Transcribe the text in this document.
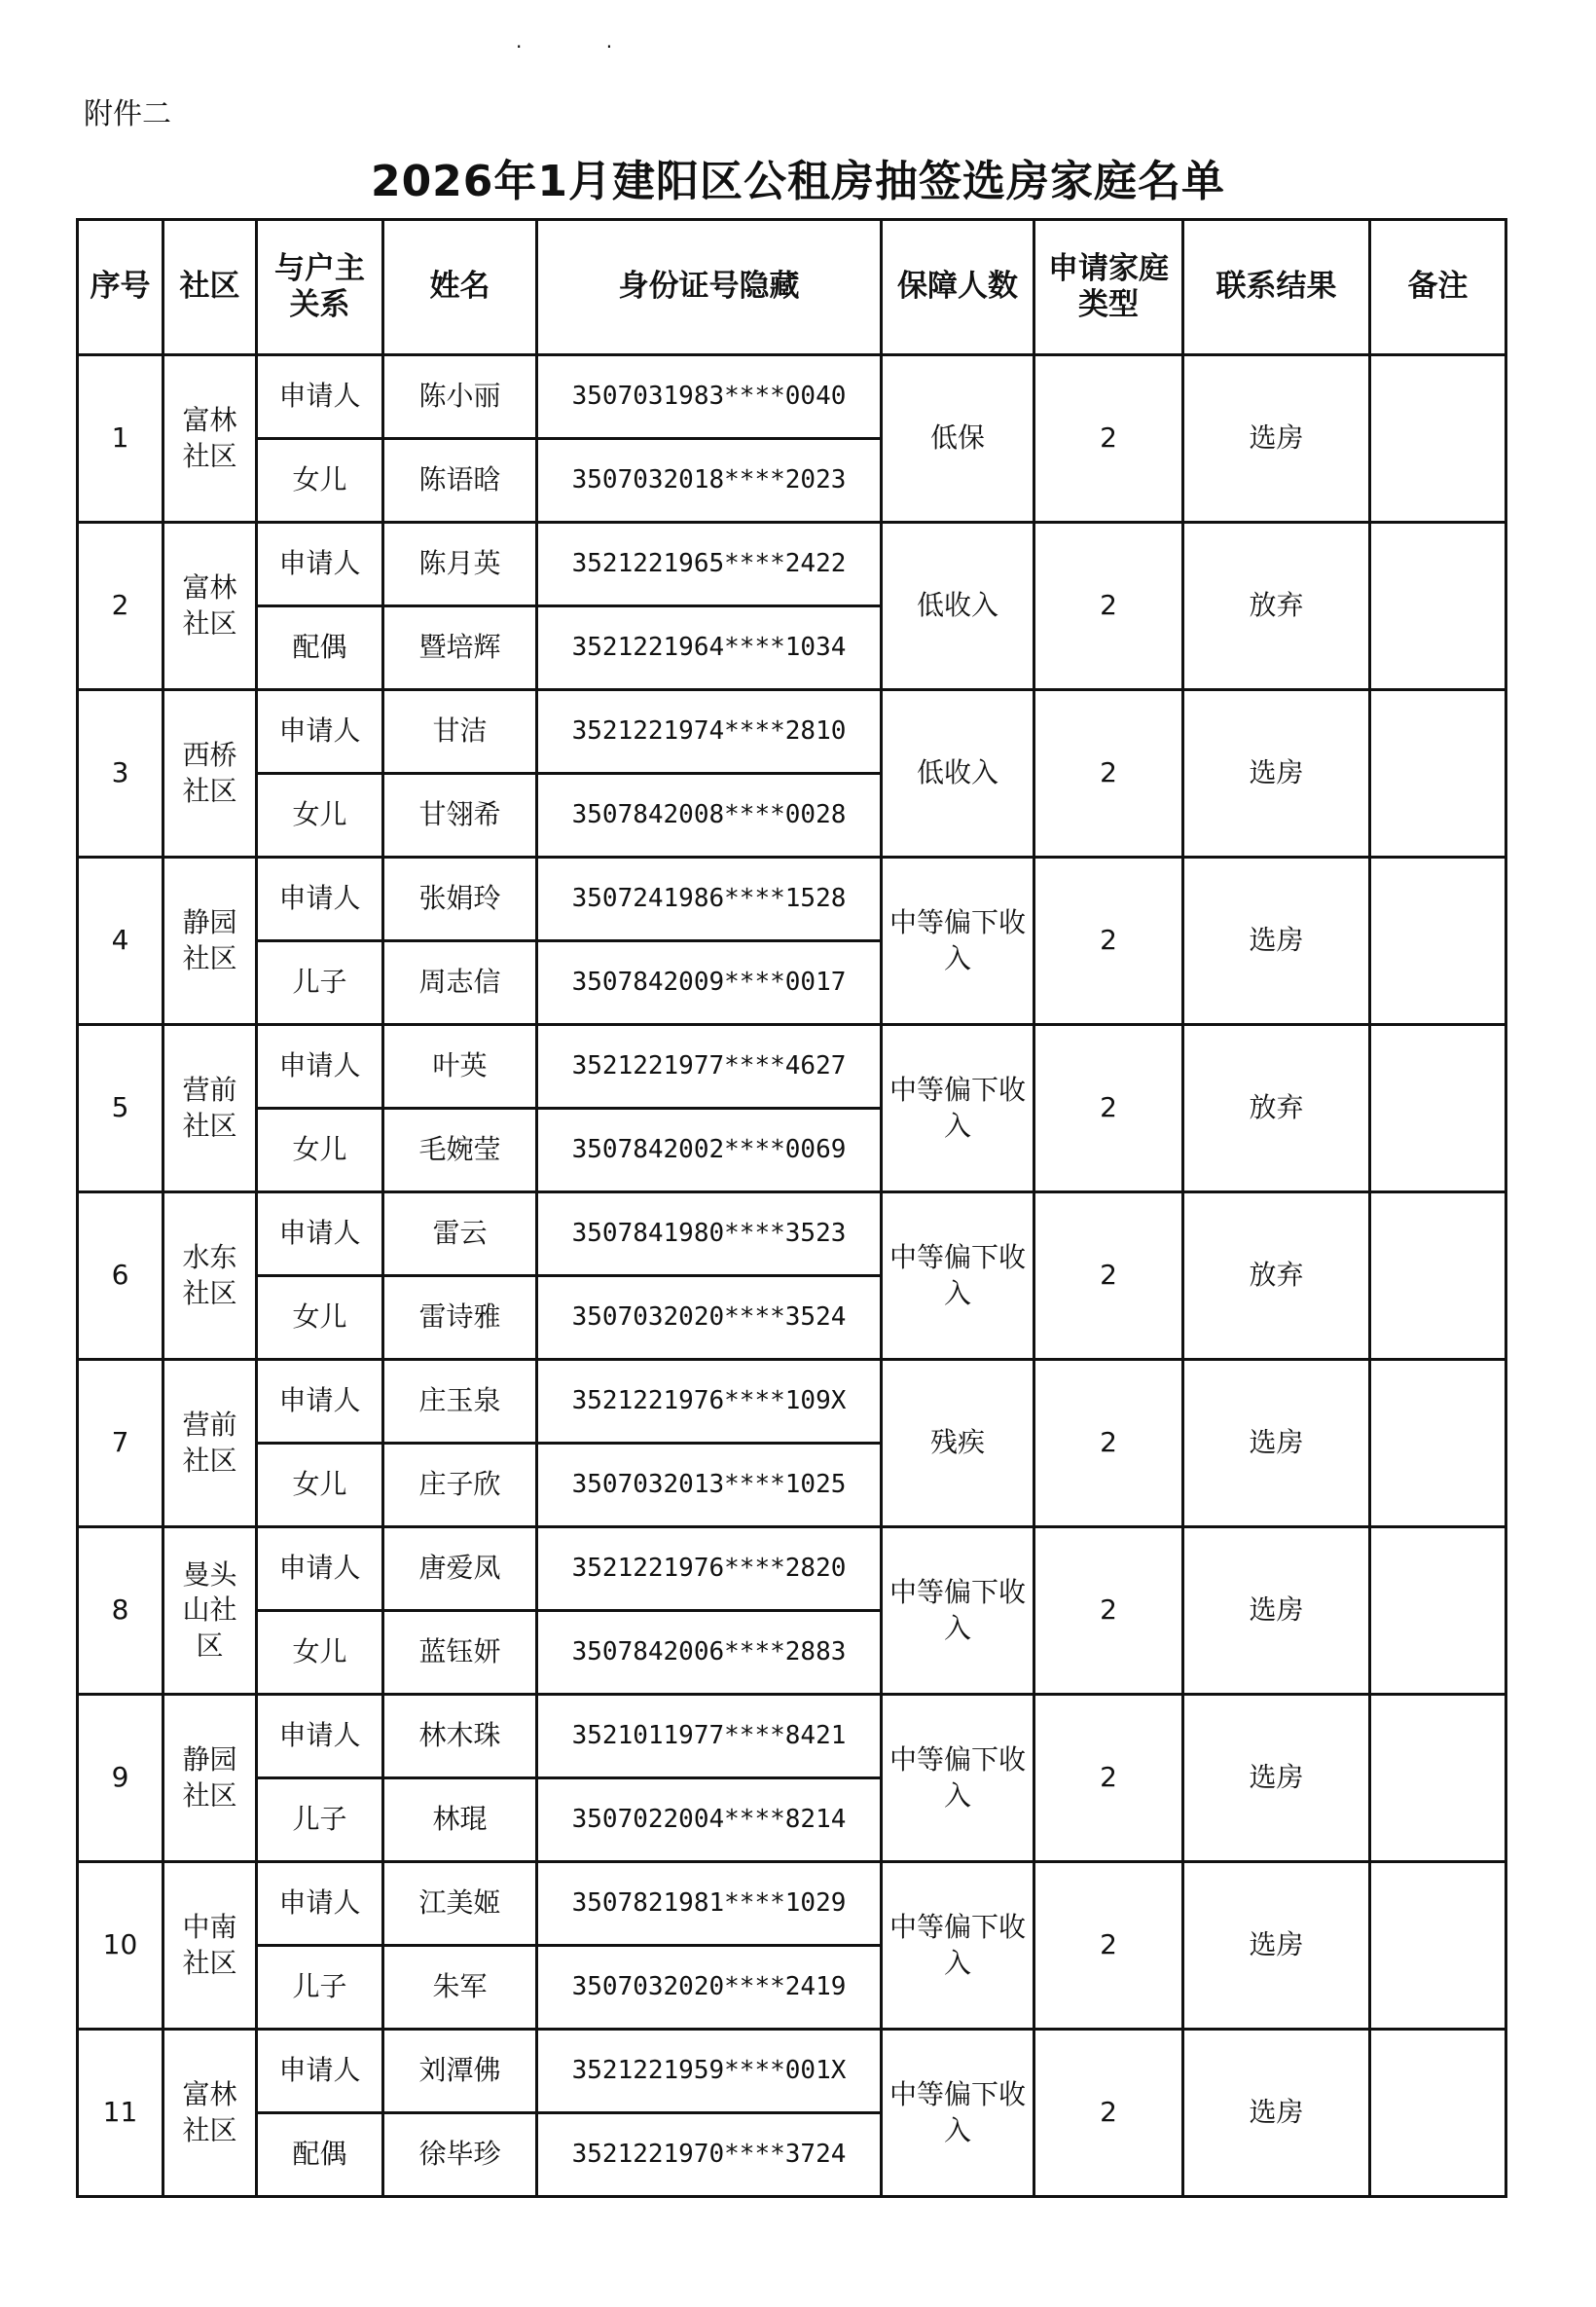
· ·
附件二
2026年1月建阳区公租房抽签选房家庭名单
序号	社区	与户主关系	姓名	身份证号隐藏	保障人数	申请家庭类型	联系结果	备注
1	富林社区	申请人	陈小丽	3507031983****0040	低保	2	选房	
		女儿	陈语晗	3507032018****2023				
2	富林社区	申请人	陈月英	3521221965****2422	低收入	2	放弃	
		配偶	暨培辉	3521221964****1034				
3	西桥社区	申请人	甘洁	3521221974****2810	低收入	2	选房	
		女儿	甘翎希	3507842008****0028				
4	静园社区	申请人	张娟玲	3507241986****1528	中等偏下收入	2	选房	
		儿子	周志信	3507842009****0017				
5	营前社区	申请人	叶英	3521221977****4627	中等偏下收入	2	放弃	
		女儿	毛婉莹	3507842002****0069				
6	水东社区	申请人	雷云	3507841980****3523	中等偏下收入	2	放弃	
		女儿	雷诗雅	3507032020****3524				
7	营前社区	申请人	庄玉泉	3521221976****109X	残疾	2	选房	
		女儿	庄子欣	3507032013****1025				
8	曼头山社区	申请人	唐爱凤	3521221976****2820	中等偏下收入	2	选房	
		女儿	蓝钰妍	3507842006****2883				
9	静园社区	申请人	林木珠	3521011977****8421	中等偏下收入	2	选房	
		儿子	林琨	3507022004****8214				
10	中南社区	申请人	江美姬	3507821981****1029	中等偏下收入	2	选房	
		儿子	朱军	3507032020****2419				
11	富林社区	申请人	刘潭佛	3521221959****001X	中等偏下收入	2	选房	
		配偶	徐毕珍	3521221970****3724				
